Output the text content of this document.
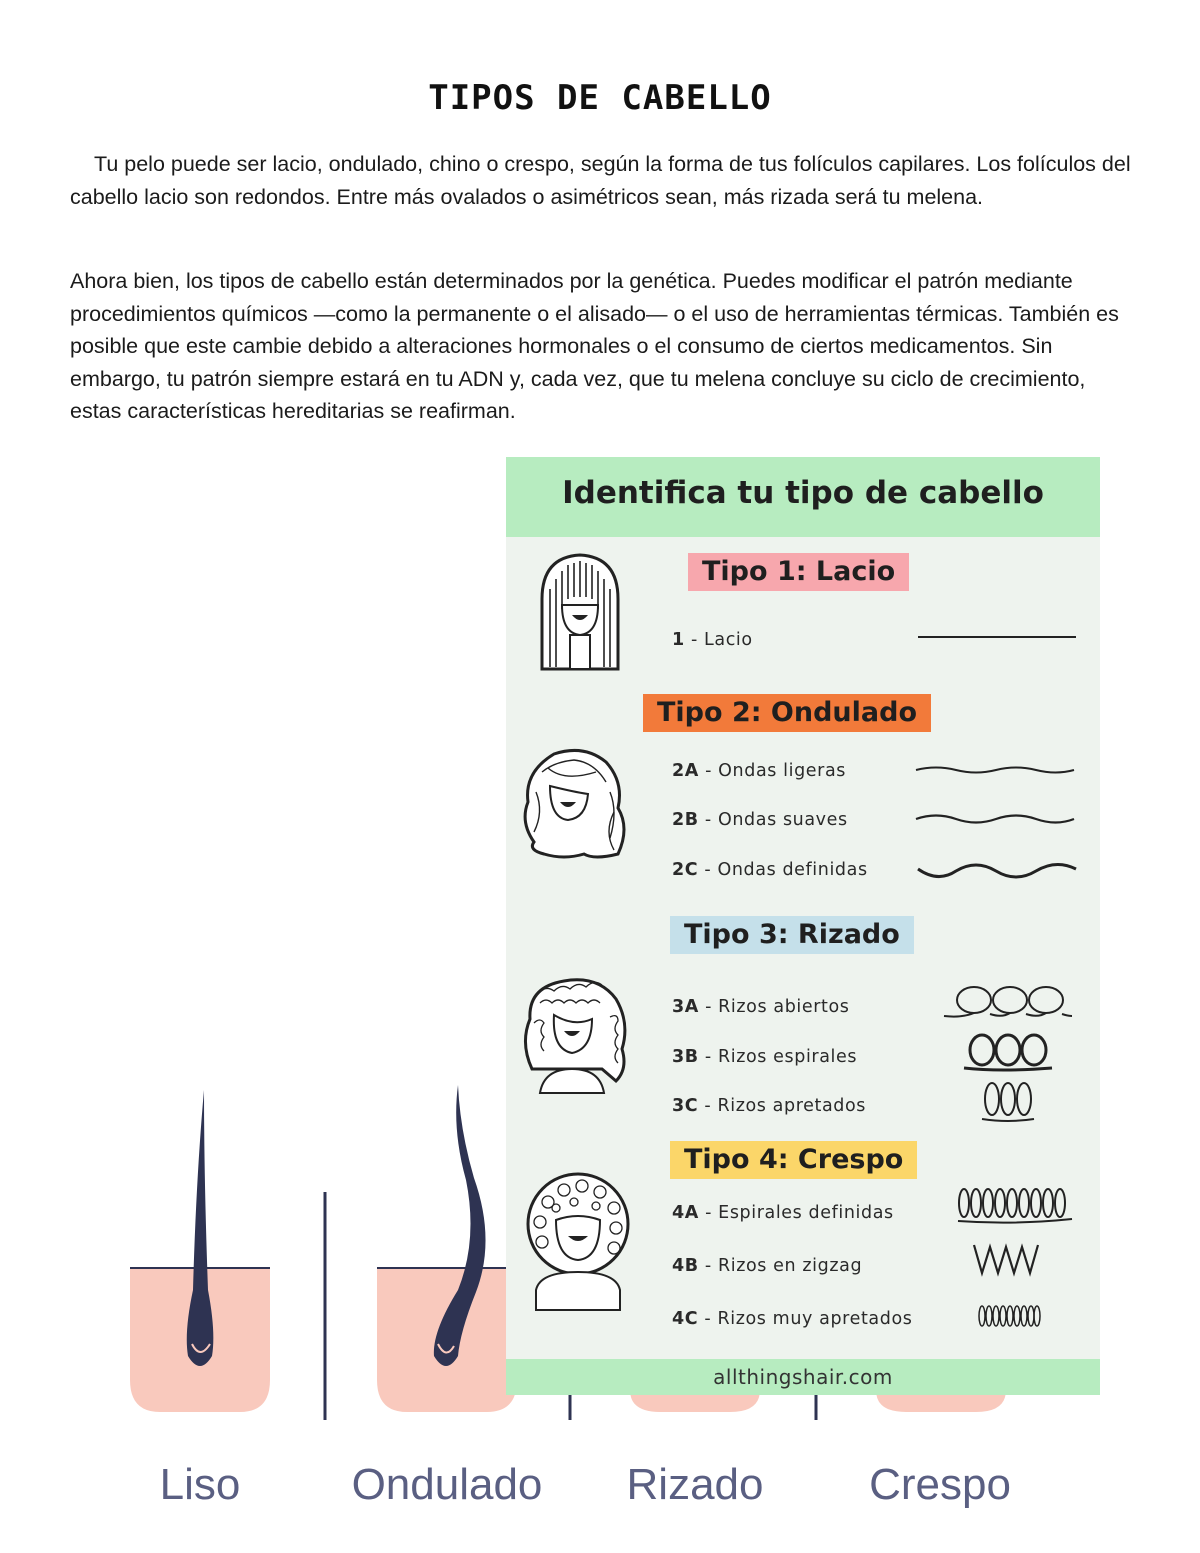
TIPOS DE CABELLO

Tu pelo puede ser lacio, ondulado, chino o crespo, según la forma de tus folículos capilares. Los folículos del cabello lacio son redondos. Entre más ovalados o asimétricos sean, más rizada será tu melena.

Ahora bien, los tipos de cabello están determinados por la genética. Puedes modificar el patrón mediante procedimientos químicos —como la permanente o el alisado— o el uso de herramientas térmicas. También es posible que este cambie debido a alteraciones hormonales o el consumo de ciertos medicamentos. Sin embargo, tu patrón siempre estará en tu ADN y, cada vez, que tu melena concluye su ciclo de crecimiento, estas características hereditarias se reafirman.

Liso	Ondulado	Rizado	Crespo
Identifica tu tipo de cabello
Tipo 1: Lacio
1 - Lacio
Tipo 2: Ondulado
2A - Ondas ligeras
2B - Ondas suaves
2C - Ondas definidas
Tipo 3: Rizado
3A - Rizos abiertos
3B - Rizos espirales
3C - Rizos apretados
Tipo 4: Crespo
4A - Espirales definidas
4B - Rizos en zigzag
4C - Rizos muy apretados
allthingshair.com
